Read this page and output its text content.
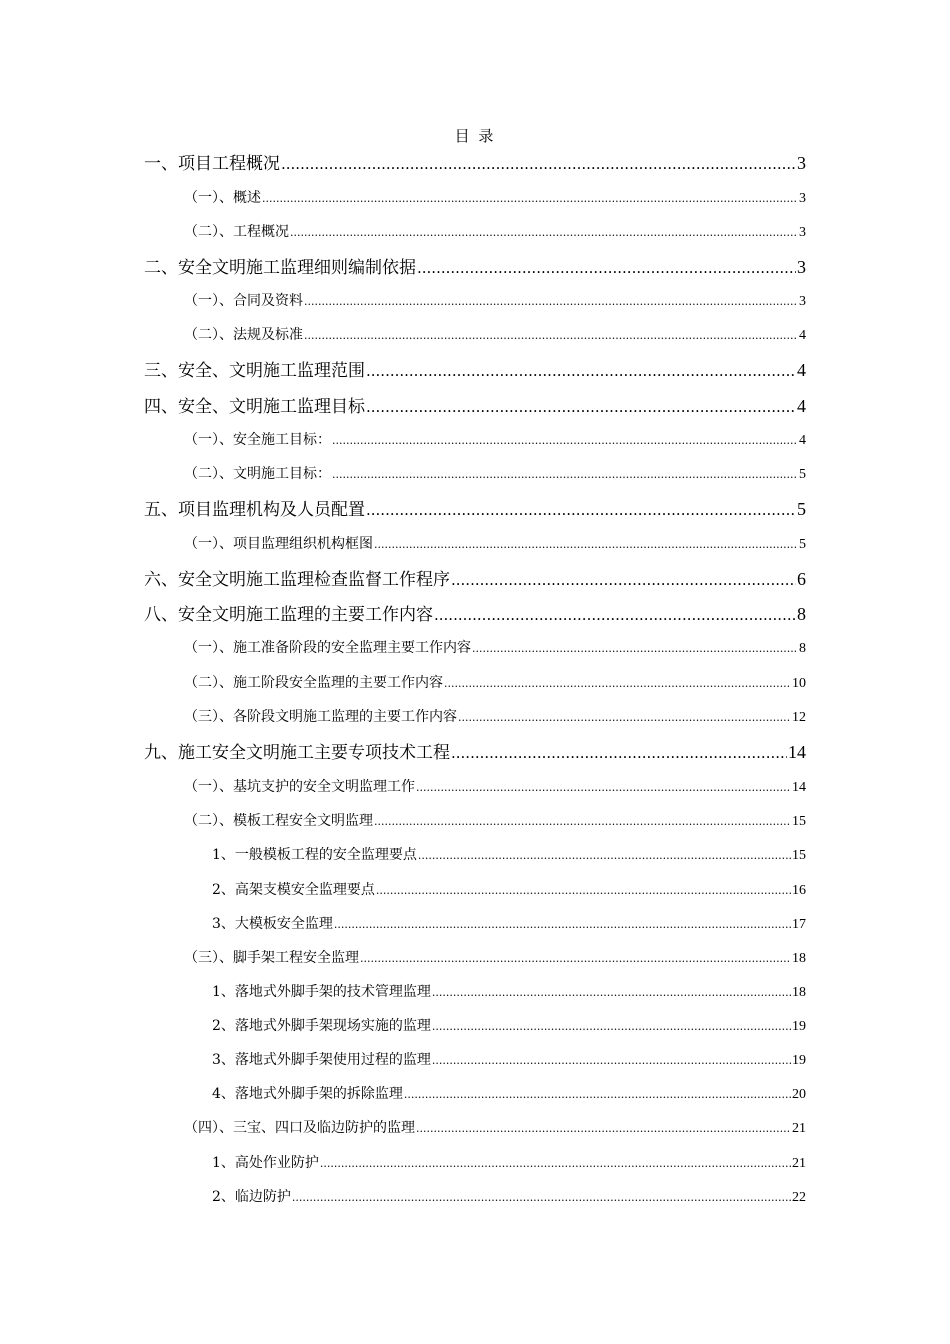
目 录
一、项目工程概况 .....	3
（一）、概述 .....	3
（二）、工程概况 .....	3
二、安全文明施工监理细则编制依据 .....	3
（一）、合同及资料 .....	3
（二）、法规及标准 .....	4
三、安全、文明施工监理范围 .....	4
四、安全、文明施工监理目标 .....	4
（一）、安全施工目标： .....	4
（二）、文明施工目标： .....	5
五、项目监理机构及人员配置 .....	5
（一）、项目监理组织机构框图 .....	5
六、安全文明施工监理检查监督工作程序 .....	6
八、安全文明施工监理的主要工作内容 .....	8
（一）、施工准备阶段的安全监理主要工作内容 .....	8
（二）、施工阶段安全监理的主要工作内容 .....	10
（三）、各阶段文明施工监理的主要工作内容 .....	12
九、施工安全文明施工主要专项技术工程 .....	14
（一）、基坑支护的安全文明监理工作 .....	14
（二）、模板工程安全文明监理 .....	15
1、一般模板工程的安全监理要点 .....	15
2、高架支模安全监理要点 .....	16
3、大模板安全监理 .....	17
（三）、脚手架工程安全监理 .....	18
1、落地式外脚手架的技术管理监理 .....	18
2、落地式外脚手架现场实施的监理 .....	19
3、落地式外脚手架使用过程的监理 .....	19
4、落地式外脚手架的拆除监理 .....	20
（四）、三宝、四口及临边防护的监理 .....	21
1、高处作业防护 .....	21
2、临边防护 .....	22
